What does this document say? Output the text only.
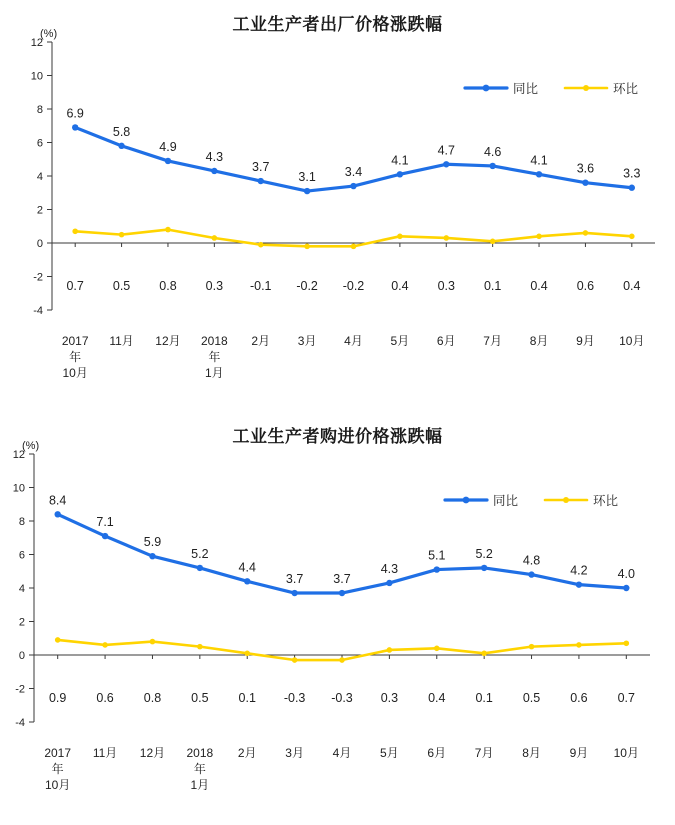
工业生产者出厂价格涨跌幅
(%)
12
10
8
6
4
2
0
-2
-4
2017 年 10月
11月 12月 2018 年 1月
2月 3月 4月 5月 6月 7月 8月 9月 10月
6.9
5.8
4.9
4.3
3.7
3.1 3.4
4.1
4.7 4.6
4.1
3.6 3.3
0.7 0.5 0.8 0.3 -0.1 -0.2 -0.2 0.4 0.3 0.1 0.4 0.6 0.4
同比	环比
工业生产者购进价格涨跌幅
(%)
12
10
8
6
4
2
0
-2
-4
2017 年 10月
11月 12月 2018 年 1月
2月 3月 4月 5月 6月 7月 8月 9月 10月
8.4
7.1
5.9
5.2
4.4
3.7 3.7
4.3
5.1 5.2 4.8
4.2 4.0
0.9 0.6 0.8 0.5 0.1 -0.3 -0.3 0.3 0.4 0.1 0.5 0.6 0.7
同比	环比
